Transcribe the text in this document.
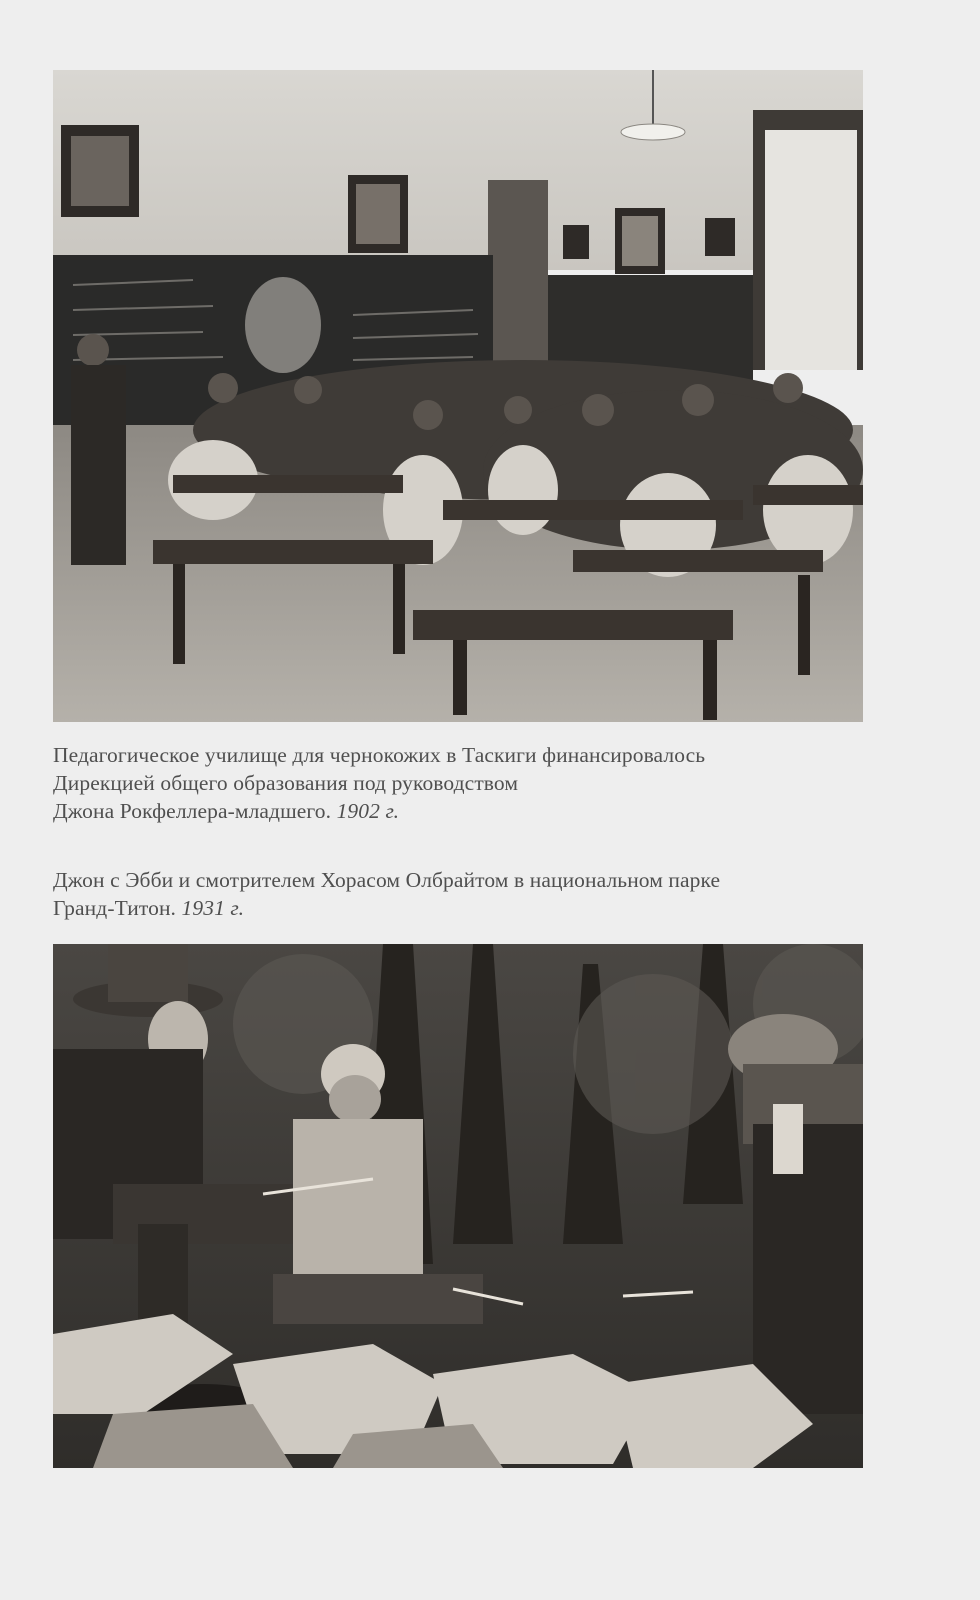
Педагогическое училище для чернокожих в Таскиги финансировалось
Дирекцией общего образования под руководством
Джона Рокфеллера-младшего. 1902 г.
Джон с Эбби и смотрителем Хорасом Олбрайтом в национальном парке
Гранд-Титон. 1931 г.
